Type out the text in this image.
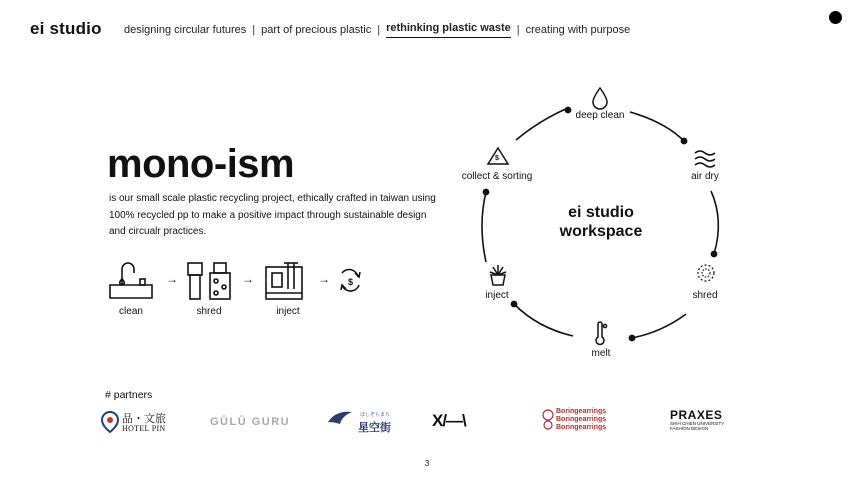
ei studio designing circular futures | part of precious plastic | rethinking plastic waste | creating with purpose
mono-ism
is our small scale plastic recycling project, ethically crafted in taiwan using 100% recycled pp to make a positive impact through sustainable design and circualr practices.
→	→	→ $
clean	shred	inject
$
deep clean
air dry
shred
melt
inject
collect & sorting
ei studio
workspace
# partners
品・文旅
HOTEL PIN
GŪLŪ GURU
ほしぞらまち
星空街 X/—\	Boringearrings
Boringearrings
Boringearrings
PRAXES
SHIH CHIEN UNIVERSITY
FASHION DESIGN
3
